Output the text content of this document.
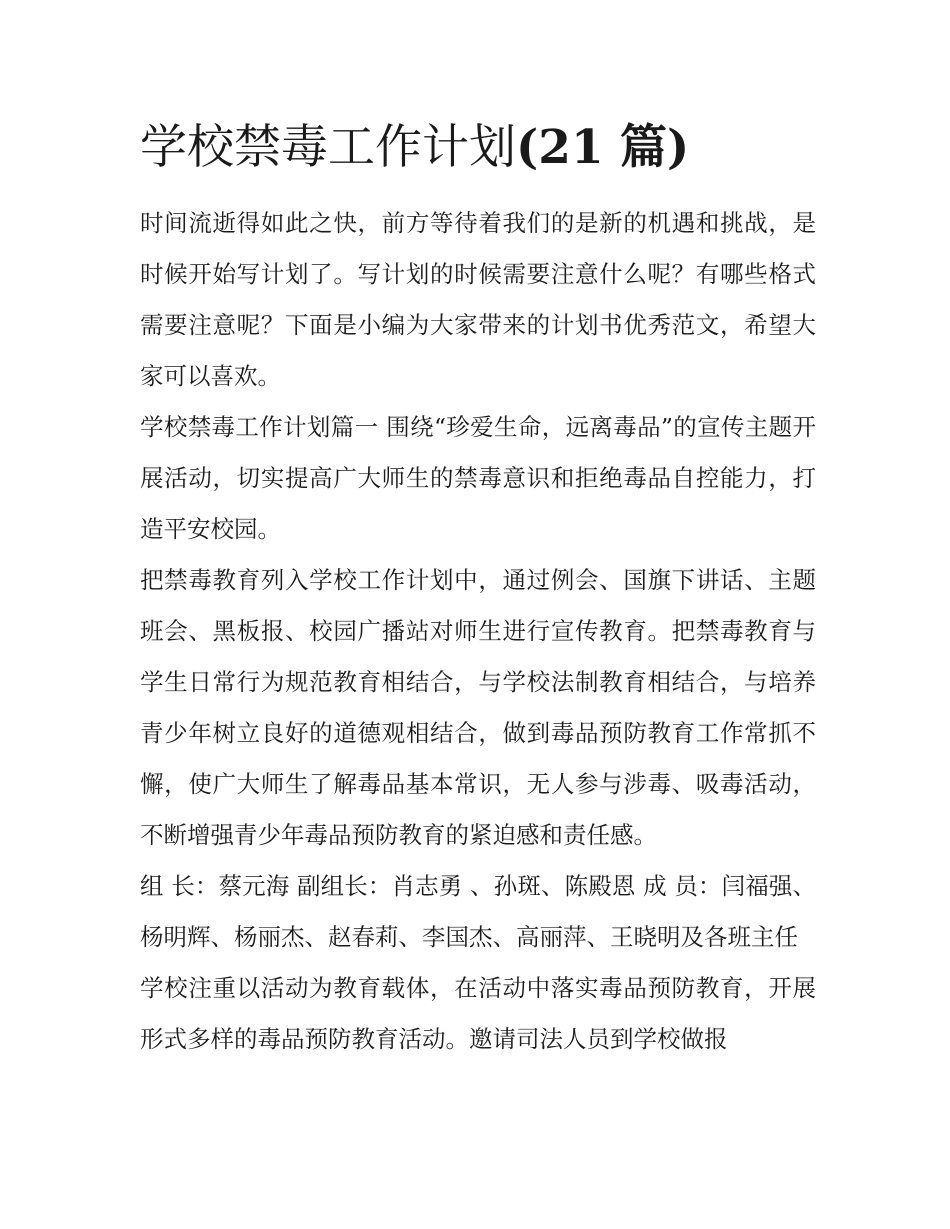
学校禁毒工作计划(21 篇)

时间流逝得如此之快，前方等待着我们的是新的机遇和挑战，是时候开始写计划了。写计划的时候需要注意什么呢？有哪些格式需要注意呢？下面是小编为大家带来的计划书优秀范文，希望大家可以喜欢。

学校禁毒工作计划篇一 围绕“珍爱生命，远离毒品”的宣传主题开展活动，切实提高广大师生的禁毒意识和拒绝毒品自控能力，打造平安校园。

把禁毒教育列入学校工作计划中，通过例会、国旗下讲话、主题班会、黑板报、校园广播站对师生进行宣传教育。把禁毒教育与学生日常行为规范教育相结合，与学校法制教育相结合，与培养青少年树立良好的道德观相结合，做到毒品预防教育工作常抓不懈，使广大师生了解毒品基本常识，无人参与涉毒、吸毒活动，不断增强青少年毒品预防教育的紧迫感和责任感。

组 长：蔡元海 副组长：肖志勇 、孙斑、陈殿恩 成 员：闫福强、杨明辉、杨丽杰、赵春莉、李国杰、高丽萍、王晓明及各班主任

学校注重以活动为教育载体，在活动中落实毒品预防教育，开展形式多样的毒品预防教育活动。邀请司法人员到学校做报
